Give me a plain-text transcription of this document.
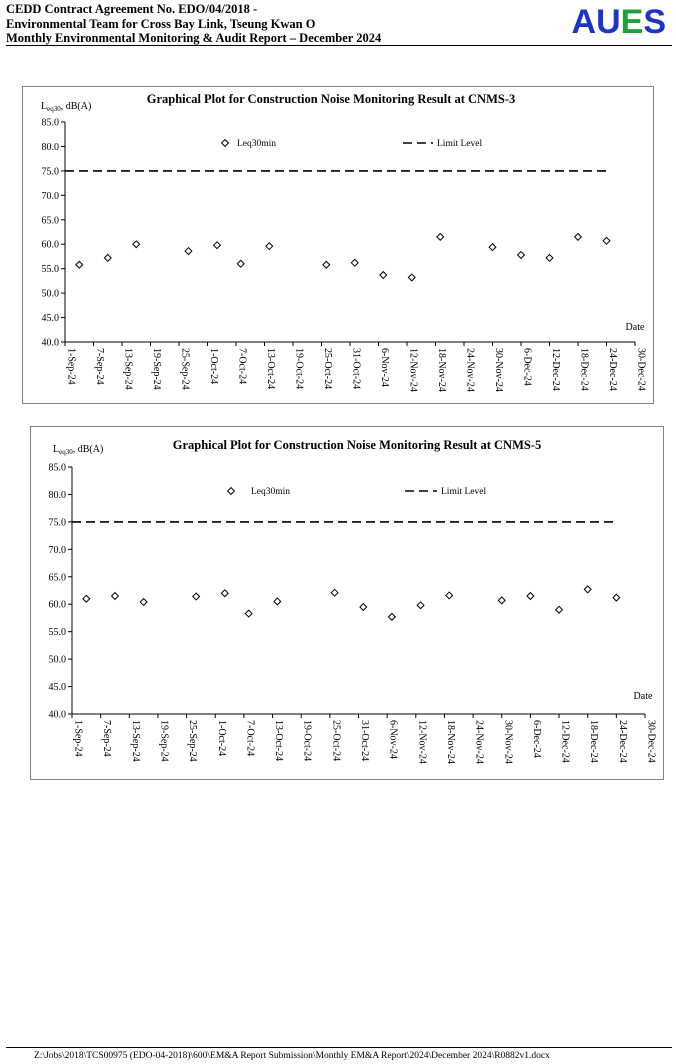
CEDD Contract Agreement No. EDO/04/2018 -
Environmental Team for Cross Bay Link, Tseung Kwan O
Monthly Environmental Monitoring & Audit Report – December 2024	AUES
Graphical Plot for Construction Noise Monitoring Result at CNMS-3
$L_{eq30}$, dB(A)
40.0
45.0
50.0
55.0
60.0
65.0
70.0
75.0
80.0
85.0
1-Sep-24 7-Sep-24 13-Sep-24 19-Sep-24 25-Sep-24 1-Oct-24 7-Oct-24 13-Oct-24 19-Oct-24 25-Oct-24 31-Oct-24 6-Nov-24 12-Nov-24 18-Nov-24 24-Nov-24 30-Nov-24 6-Dec-24 12-Dec-24 18-Dec-24 24-Dec-24 30-Dec-24
Date
Leq30min	Limit Level
Graphical Plot for Construction Noise Monitoring Result at CNMS-5
$L_{eq30}$, dB(A)
40.0
45.0
50.0
55.0
60.0
65.0
70.0
75.0
80.0
85.0
1-Sep-24 7-Sep-24 13-Sep-24 19-Sep-24 25-Sep-24 1-Oct-24 7-Oct-24 13-Oct-24 19-Oct-24 25-Oct-24 31-Oct-24 6-Nov-24 12-Nov-24 18-Nov-24 24-Nov-24 30-Nov-24 6-Dec-24 12-Dec-24 18-Dec-24 24-Dec-24 30-Dec-24
Date
Leq30min	Limit Level
Z:\Jobs\2018\TCS00975 (EDO-04-2018)\600\EM&A Report Submission\Monthly EM&A Report\2024\December 2024\R0882v1.docx
